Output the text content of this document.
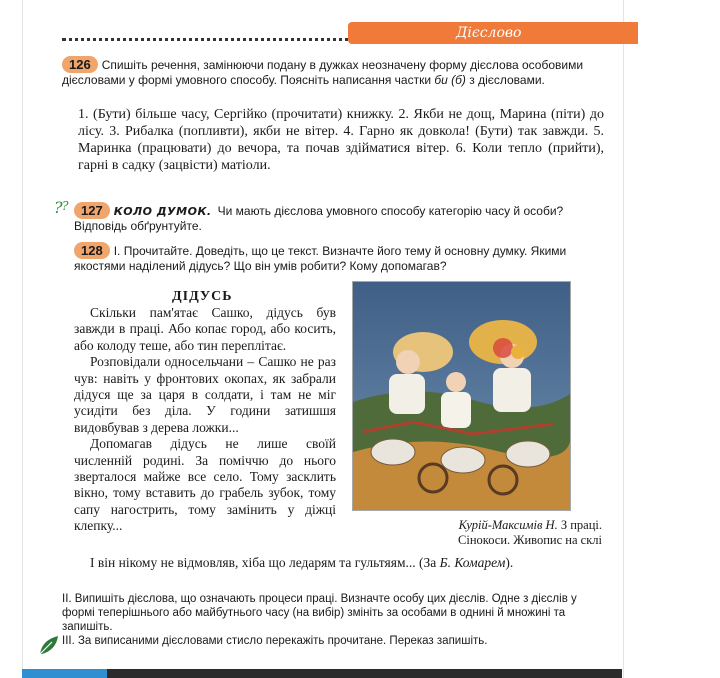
Дієслово
126 Спишіть речення, замінюючи подану в дужках неозначену форму дієслова особовими дієсловами у формі умовного способу. Поясніть написання частки би (б) з дієсловами.
1. (Бути) більше часу, Сергійко (прочитати) книжку. 2. Якби не дощ, Марина (піти) до лісу. 3. Рибалка (попливти), якби не вітер. 4. Гарно як довкола! (Бути) так завжди. 5. Маринка (працювати) до вечора, та почав здійматися вітер. 6. Коли тепло (прийти), гарні в садку (зацвісти) матіоли.
? ? 127 КОЛО ДУМОК. Чи мають дієслова умовного способу категорію часу й особи? Відповідь обґрунтуйте.
128 І. Прочитайте. Доведіть, що це текст. Визначте його тему й основну думку. Якими якостями наділений дідусь? Що він умів робити? Кому допомагав?
ДІДУСЬ

Скільки пам'ятає Сашко, дідусь був завжди в праці. Або копає город, або косить, або колоду теше, або тин переплітає.

Розповідали односельчани – Сашко не раз чув: навіть у фронтових окопах, як забрали дідуся ще за царя в солдати, і там не міг усидіти без діла. У години затишшя видовбував з дерева ложки...

Допомагав дідусь не лише своїй численній родині. За поміччю до нього зверталося майже все село. Тому засклить вікно, тому вставить до грабель зубок, тому сапу нагострить, тому замінить у діжці клепку...	Курій-Максимів Н. З праці.
Сінокоси. Живопис на склі
І він нікому не відмовляв, хіба що ледарям та гультяям... (За Б. Комарем).
ІІ. Випишіть дієслова, що означають процеси праці. Визначте особу цих дієслів. Одне з дієслів у формі теперішнього або майбутнього часу (на вибір) змініть за особами в однині й множині та запишіть.
ІІІ. За виписаними дієсловами стисло перекажіть прочитане. Переказ запишіть.
